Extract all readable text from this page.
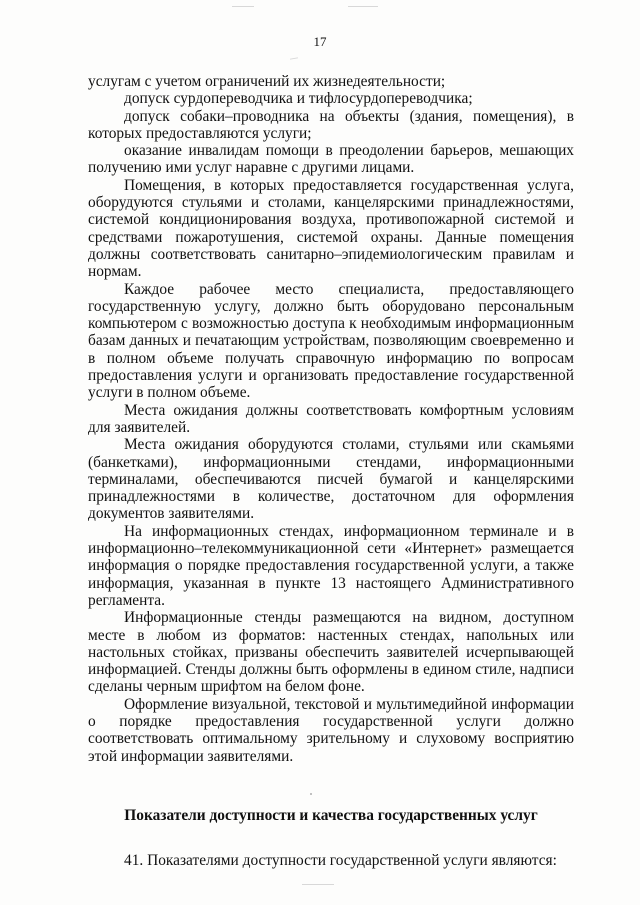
17

услугам с учетом ограничений их жизнедеятельности;

допуск сурдопереводчика и тифлосурдопереводчика;

допуск собаки–проводника на объекты (здания, помещения), в которых предоставляются услуги;

оказание инвалидам помощи в преодолении барьеров, мешающих получению ими услуг наравне с другими лицами.

Помещения, в которых предоставляется государственная услуга, оборудуются стульями и столами, канцелярскими принадлежностями, системой кондиционирования воздуха, противопожарной системой и средствами пожаротушения, системой охраны. Данные помещения должны соответствовать санитарно–эпидемиологическим правилам и нормам.

Каждое рабочее место специалиста, предоставляющего государственную услугу, должно быть оборудовано персональным компьютером с возможностью доступа к необходимым информационным базам данных и печатающим устройствам, позволяющим своевременно и в полном объеме получать справочную информацию по вопросам предоставления услуги и организовать предоставление государственной услуги в полном объеме.

Места ожидания должны соответствовать комфортным условиям для заявителей.

Места ожидания оборудуются столами, стульями или скамьями (банкетками), информационными стендами, информационными терминалами, обеспечиваются писчей бумагой и канцелярскими принадлежностями в количестве, достаточном для оформления документов заявителями.

На информационных стендах, информационном терминале и в информационно–телекоммуникационной сети «Интернет» размещается информация о порядке предоставления государственной услуги, а также информация, указанная в пункте 13 настоящего Административного регламента.

Информационные стенды размещаются на видном, доступном месте в любом из форматов: настенных стендах, напольных или настольных стойках, призваны обеспечить заявителей исчерпывающей информацией. Стенды должны быть оформлены в едином стиле, надписи сделаны черным шрифтом на белом фоне.

Оформление визуальной, текстовой и мультимедийной информации о порядке предоставления государственной услуги должно соответствовать оптимальному зрительному и слуховому восприятию этой информации заявителями.

Показатели доступности и качества государственных услуг
41. Показателями доступности государственной услуги являются:
